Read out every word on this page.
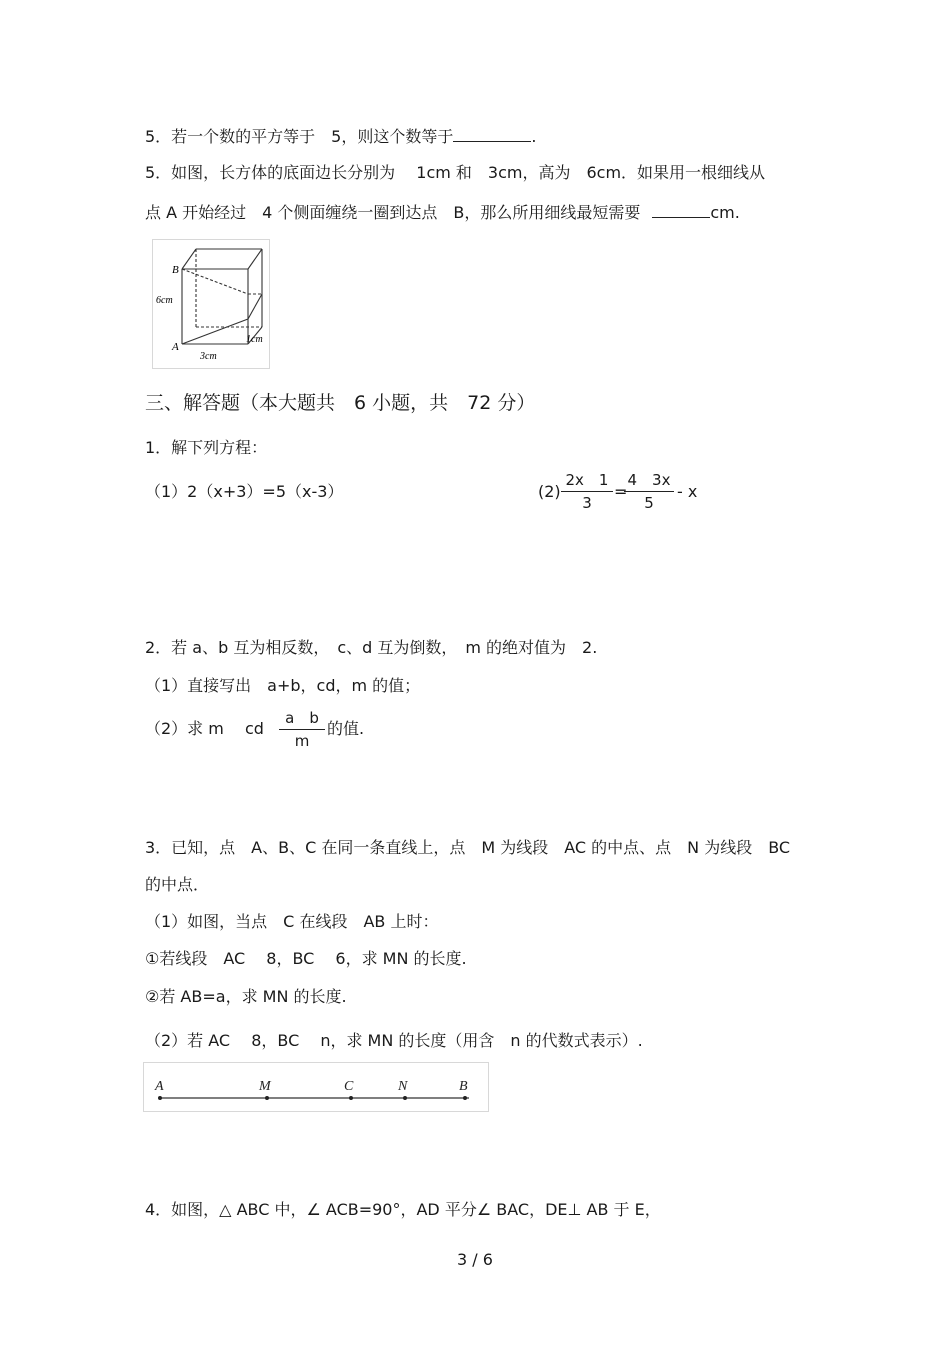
5．若一个数的平方等于　5，则这个数等于	.
5．如图，长方体的底面边长分别为　 1cm 和　3cm，高为　6cm．如果用一根细线从
点 A 开始经过　4 个侧面缠绕一圈到达点　B，那么所用细线最短需要	cm.
B
A
6cm
3cm
1cm
三、解答题（本大题共　6 小题，共　72 分）
1．解下列方程：
（1）2（x+3）=5（x-3）	(2)
2x　1
3
=
4　3x
5
- x
2．若 a、b 互为相反数，　c、d 互为倒数，　m 的绝对值为　2.
（1）直接写出　a+b，cd，m 的值；
（2）求 m　 cd
a　b
m
的值.
3．已知，点　A、B、C 在同一条直线上，点　M 为线段　AC 的中点、点　N 为线段　BC
的中点．
（1）如图，当点　C 在线段　AB 上时：
①若线段　AC　 8，BC　 6，求 MN 的长度.
②若 AB=a，求 MN 的长度.
（2）若 AC　 8，BC　 n，求 MN 的长度（用含　n 的代数式表示）.
A	M	C	N	B
4．如图，△ ABC 中，∠ ACB=90°，AD 平分∠ BAC，DE⊥ AB 于 E，
3 / 6
